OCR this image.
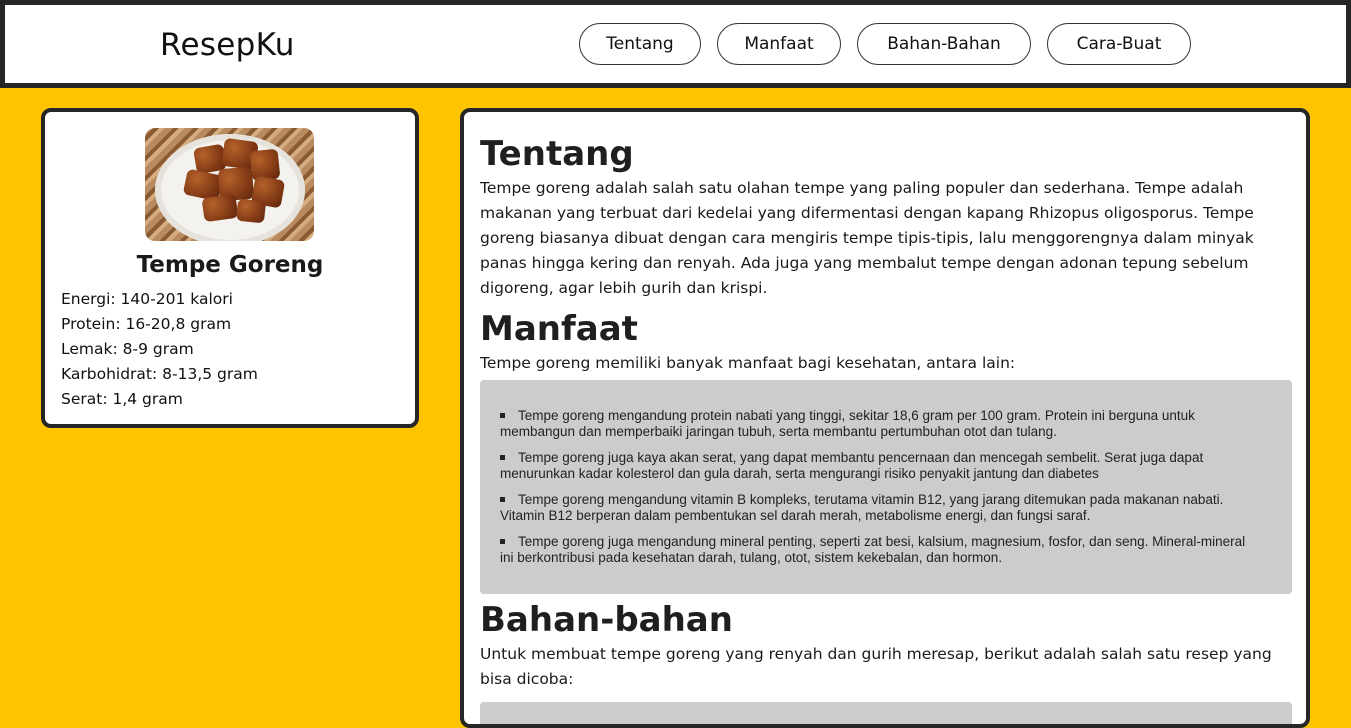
ResepKu	Tentang	Manfaat	Bahan-Bahan	Cara-Buat
Tempe Goreng
Energi: 140-201 kalori
Protein: 16-20,8 gram
Lemak: 8-9 gram
Karbohidrat: 8-13,5 gram
Serat: 1,4 gram
Tentang

Tempe goreng adalah salah satu olahan tempe yang paling populer dan sederhana. Tempe adalah makanan yang terbuat dari kedelai yang difermentasi dengan kapang Rhizopus oligosporus. Tempe goreng biasanya dibuat dengan cara mengiris tempe tipis-tipis, lalu menggorengnya dalam minyak panas hingga kering dan renyah. Ada juga yang membalut tempe dengan adonan tepung sebelum digoreng, agar lebih gurih dan krispi.

Manfaat

Tempe goreng memiliki banyak manfaat bagi kesehatan, antara lain:

Tempe goreng mengandung protein nabati yang tinggi, sekitar 18,6 gram per 100 gram. Protein ini berguna untuk membangun dan memperbaiki jaringan tubuh, serta membantu pertumbuhan otot dan tulang.
Tempe goreng juga kaya akan serat, yang dapat membantu pencernaan dan mencegah sembelit. Serat juga dapat menurunkan kadar kolesterol dan gula darah, serta mengurangi risiko penyakit jantung dan diabetes
Tempe goreng mengandung vitamin B kompleks, terutama vitamin B12, yang jarang ditemukan pada makanan nabati. Vitamin B12 berperan dalam pembentukan sel darah merah, metabolisme energi, dan fungsi saraf.
Tempe goreng juga mengandung mineral penting, seperti zat besi, kalsium, magnesium, fosfor, dan seng. Mineral-mineral ini berkontribusi pada kesehatan darah, tulang, otot, sistem kekebalan, dan hormon.
Bahan-bahan

Untuk membuat tempe goreng yang renyah dan gurih meresap, berikut adalah salah satu resep yang bisa dicoba:
